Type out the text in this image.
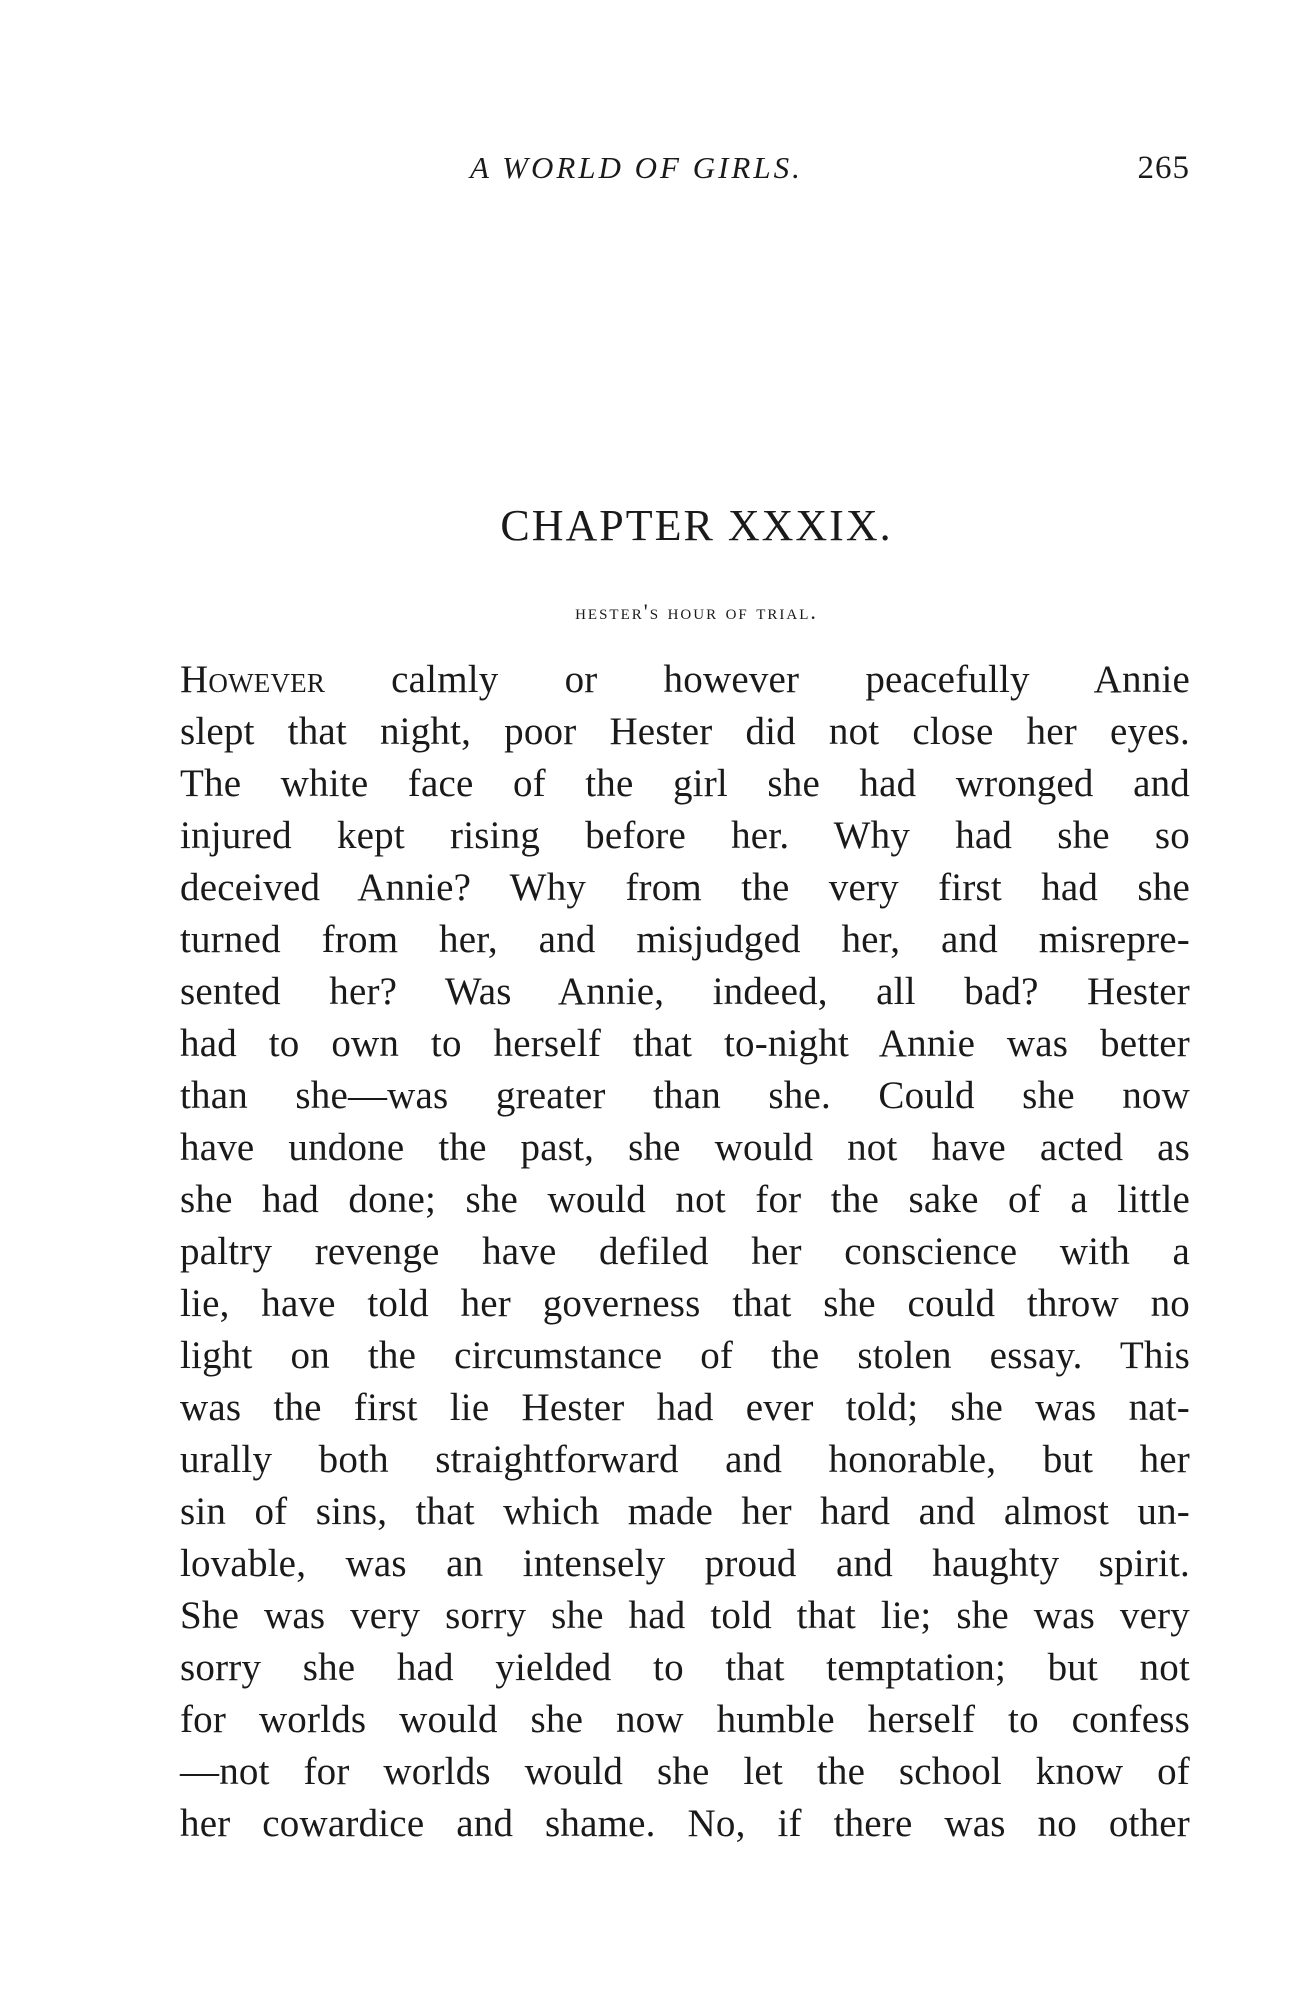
A WORLD OF GIRLS.	265
CHAPTER XXXIX.
hester's hour of trial.
However calmly or however peacefully Annie
slept that night, poor Hester did not close her eyes.
The white face of the girl she had wronged and
injured kept rising before her. Why had she so
deceived Annie? Why from the very first had she
turned from her, and misjudged her, and misrepre-
sented her? Was Annie, indeed, all bad? Hester
had to own to herself that to-night Annie was better
than she—was greater than she. Could she now
have undone the past, she would not have acted as
she had done; she would not for the sake of a little
paltry revenge have defiled her conscience with a
lie, have told her governess that she could throw no
light on the circumstance of the stolen essay. This
was the first lie Hester had ever told; she was nat-
urally both straightforward and honorable, but her
sin of sins, that which made her hard and almost un-
lovable, was an intensely proud and haughty spirit.
She was very sorry she had told that lie; she was very
sorry she had yielded to that temptation; but not
for worlds would she now humble herself to confess
—not for worlds would she let the school know of
her cowardice and shame. No, if there was no other
